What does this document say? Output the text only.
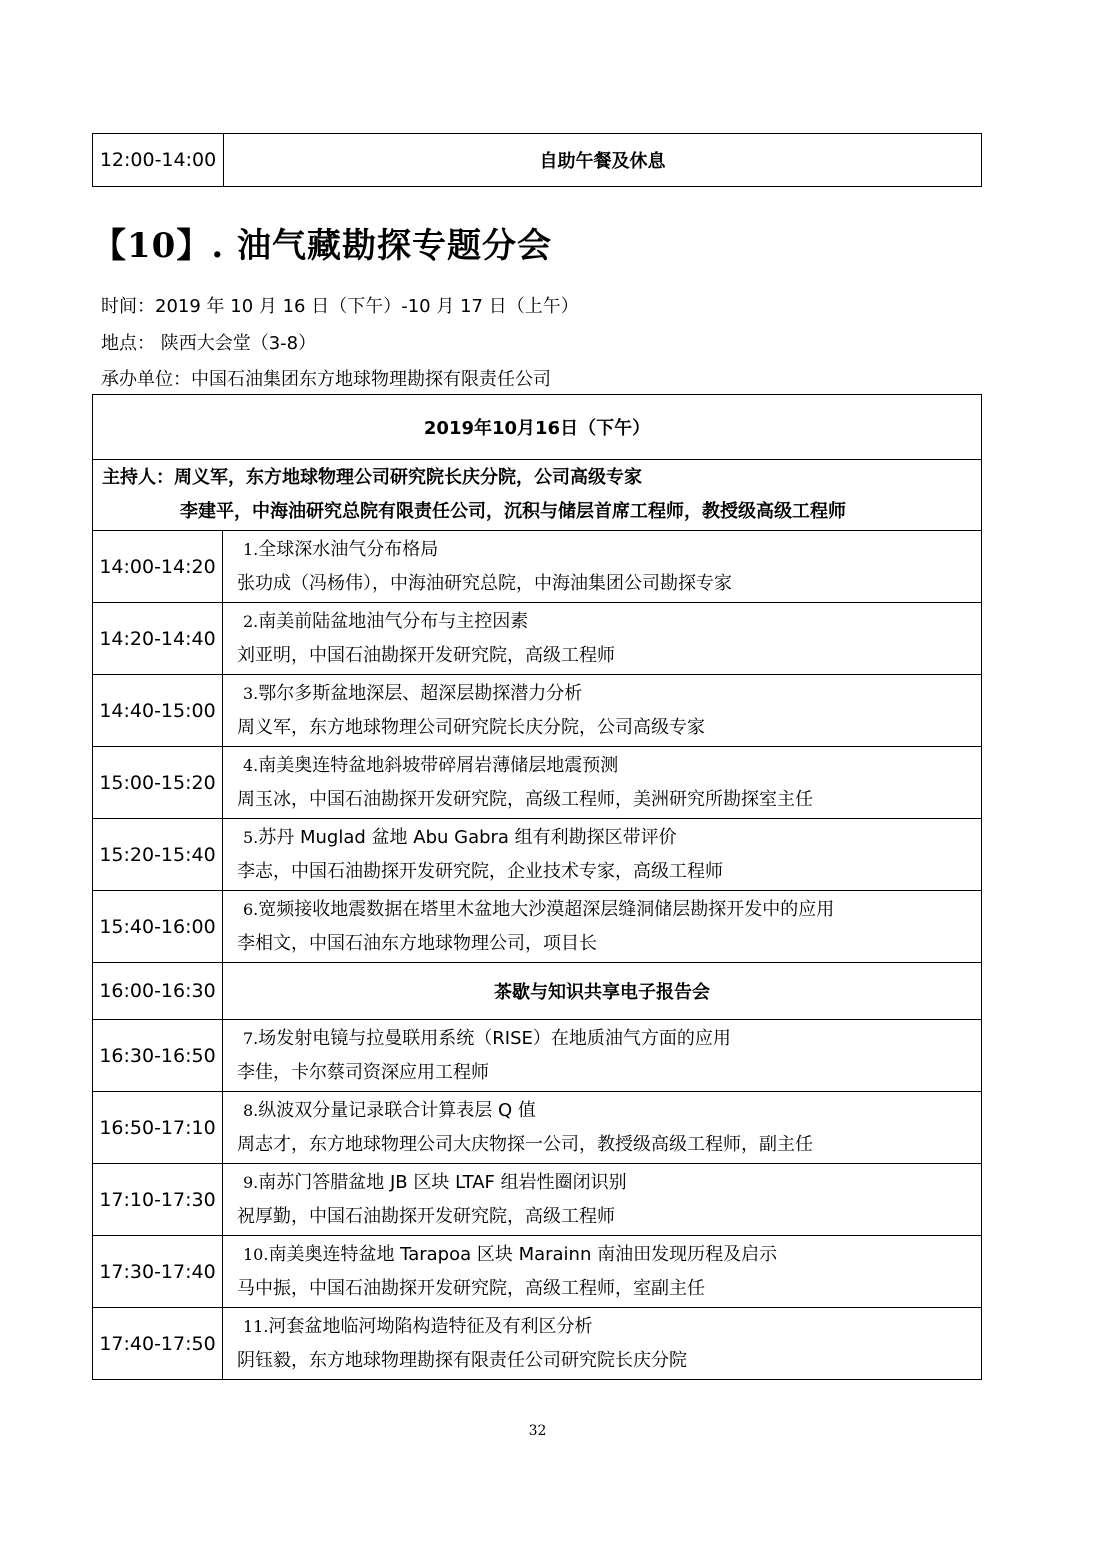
12:00-14:00	自助午餐及休息
【10】. 油气藏勘探专题分会
时间：2019 年 10 月 16 日（下午）-10 月 17 日（上午）
地点： 陕西大会堂（3-8）
承办单位：中国石油集团东方地球物理勘探有限责任公司
2019年10月16日（下午）	

主持人：周义军，东方地球物理公司研究院长庆分院，公司高级专家
李建平，中海油研究总院有限责任公司，沉积与储层首席工程师，教授级高级工程师	

14:00-14:20	1.全球深水油气分布格局
张功成（冯杨伟），中海油研究总院，中海油集团公司勘探专家

14:20-14:40	2.南美前陆盆地油气分布与主控因素
刘亚明，中国石油勘探开发研究院，高级工程师

14:40-15:00	3.鄂尔多斯盆地深层、超深层勘探潜力分析
周义军，东方地球物理公司研究院长庆分院，公司高级专家

15:00-15:20	4.南美奥连特盆地斜坡带碎屑岩薄储层地震预测
周玉冰，中国石油勘探开发研究院，高级工程师，美洲研究所勘探室主任

15:20-15:40	5.苏丹 Muglad 盆地 Abu Gabra 组有利勘探区带评价
李志，中国石油勘探开发研究院，企业技术专家，高级工程师

15:40-16:00	6.宽频接收地震数据在塔里木盆地大沙漠超深层缝洞储层勘探开发中的应用
李相文，中国石油东方地球物理公司，项目长

16:00-16:30	茶歇与知识共享电子报告会
16:30-16:50	7.场发射电镜与拉曼联用系统（RISE）在地质油气方面的应用
李佳，卡尔蔡司资深应用工程师

16:50-17:10	8.纵波双分量记录联合计算表层 Q 值
周志才，东方地球物理公司大庆物探一公司，教授级高级工程师，副主任

17:10-17:30	9.南苏门答腊盆地 JB 区块 LTAF 组岩性圈闭识别
祝厚勤，中国石油勘探开发研究院，高级工程师

17:30-17:40	10.南美奥连特盆地 Tarapoa 区块 Marainn 南油田发现历程及启示
马中振，中国石油勘探开发研究院，高级工程师，室副主任

17:40-17:50	11.河套盆地临河坳陷构造特征及有利区分析
阴钰毅，东方地球物理勘探有限责任公司研究院长庆分院
32
